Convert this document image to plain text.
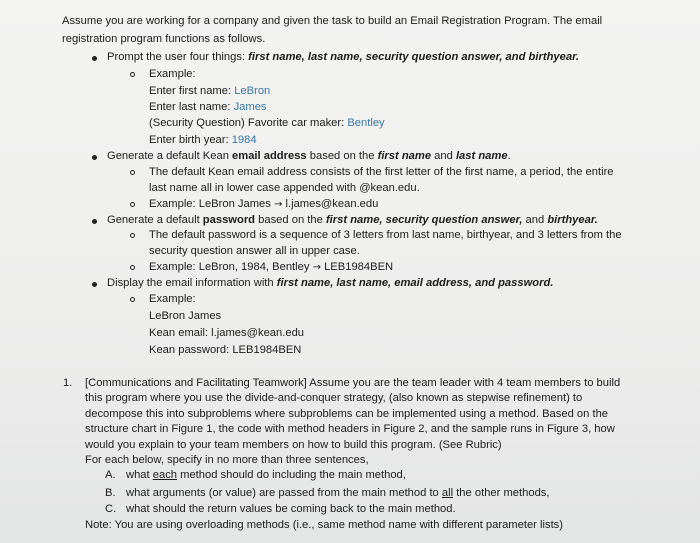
Assume you are working for a company and given the task to build an Email Registration Program. The email
registration program functions as follows.
Prompt the user four things: first name, last name, security question answer, and birthyear.
Example:
Enter first name: LeBron
Enter last name: James
(Security Question) Favorite car maker: Bentley
Enter birth year: 1984
Generate a default Kean email address based on the first name and last name.
The default Kean email address consists of the first letter of the first name, a period, the entire
last name all in lower case appended with @kean.edu.
Example: LeBron James → l.james@kean.edu
Generate a default password based on the first name, security question answer, and birthyear.
The default password is a sequence of 3 letters from last name, birthyear, and 3 letters from the
security question answer all in upper case.
Example: LeBron, 1984, Bentley → LEB1984BEN
Display the email information with first name, last name, email address, and password.
Example:
LeBron James
Kean email: l.james@kean.edu
Kean password: LEB1984BEN
1. [Communications and Facilitating Teamwork] Assume you are the team leader with 4 team members to build
this program where you use the divide-and-conquer strategy, (also known as stepwise refinement) to
decompose this into subproblems where subproblems can be implemented using a method. Based on the
structure chart in Figure 1, the code with method headers in Figure 2, and the sample runs in Figure 3, how
would you explain to your team members on how to build this program. (See Rubric)
For each below, specify in no more than three sentences,
A. what each method should do including the main method,
B. what arguments (or value) are passed from the main method to all the other methods,
C. what should the return values be coming back to the main method.
Note: You are using overloading methods (i.e., same method name with different parameter lists)
